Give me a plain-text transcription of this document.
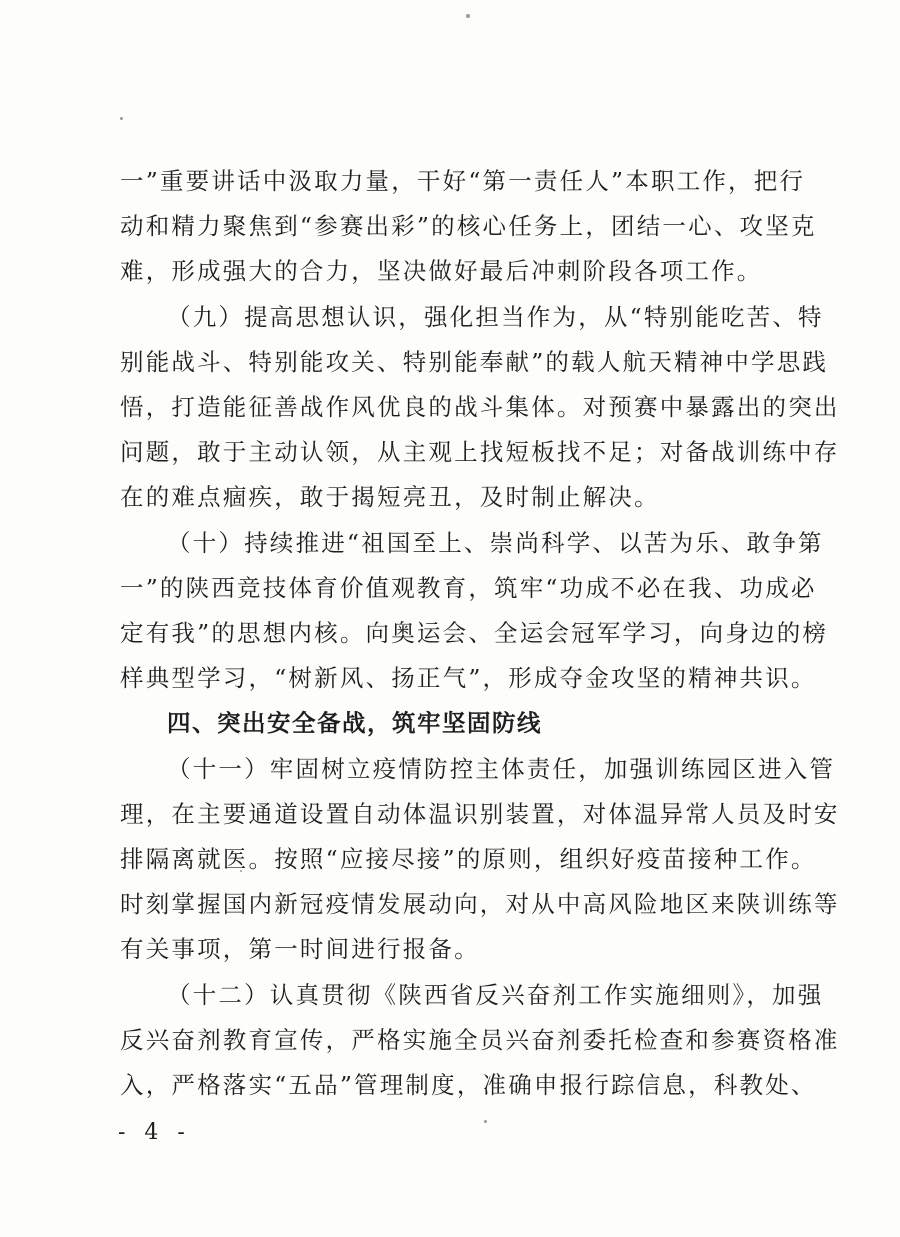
一”重要讲话中汲取力量，干好“第一责任人”本职工作，把行
动和精力聚焦到“参赛出彩”的核心任务上，团结一心、攻坚克
难，形成强大的合力，坚决做好最后冲刺阶段各项工作。
（九）提高思想认识，强化担当作为，从“特别能吃苦、特
别能战斗、特别能攻关、特别能奉献”的载人航天精神中学思践
悟，打造能征善战作风优良的战斗集体。对预赛中暴露出的突出
问题，敢于主动认领，从主观上找短板找不足；对备战训练中存
在的难点痼疾，敢于揭短亮丑，及时制止解决。
（十）持续推进“祖国至上、崇尚科学、以苦为乐、敢争第
一”的陕西竞技体育价值观教育，筑牢“功成不必在我、功成必
定有我”的思想内核。向奥运会、全运会冠军学习，向身边的榜
样典型学习，“树新风、扬正气”，形成夺金攻坚的精神共识。
四、突出安全备战，筑牢坚固防线
（十一）牢固树立疫情防控主体责任，加强训练园区进入管
理，在主要通道设置自动体温识别装置，对体温异常人员及时安
排隔离就医。按照“应接尽接”的原则，组织好疫苗接种工作。
时刻掌握国内新冠疫情发展动向，对从中高风险地区来陕训练等
有关事项，第一时间进行报备。
（十二）认真贯彻《陕西省反兴奋剂工作实施细则》，加强
反兴奋剂教育宣传，严格实施全员兴奋剂委托检查和参赛资格准
入，严格落实“五品”管理制度，准确申报行踪信息，科教处、
- 4 -
